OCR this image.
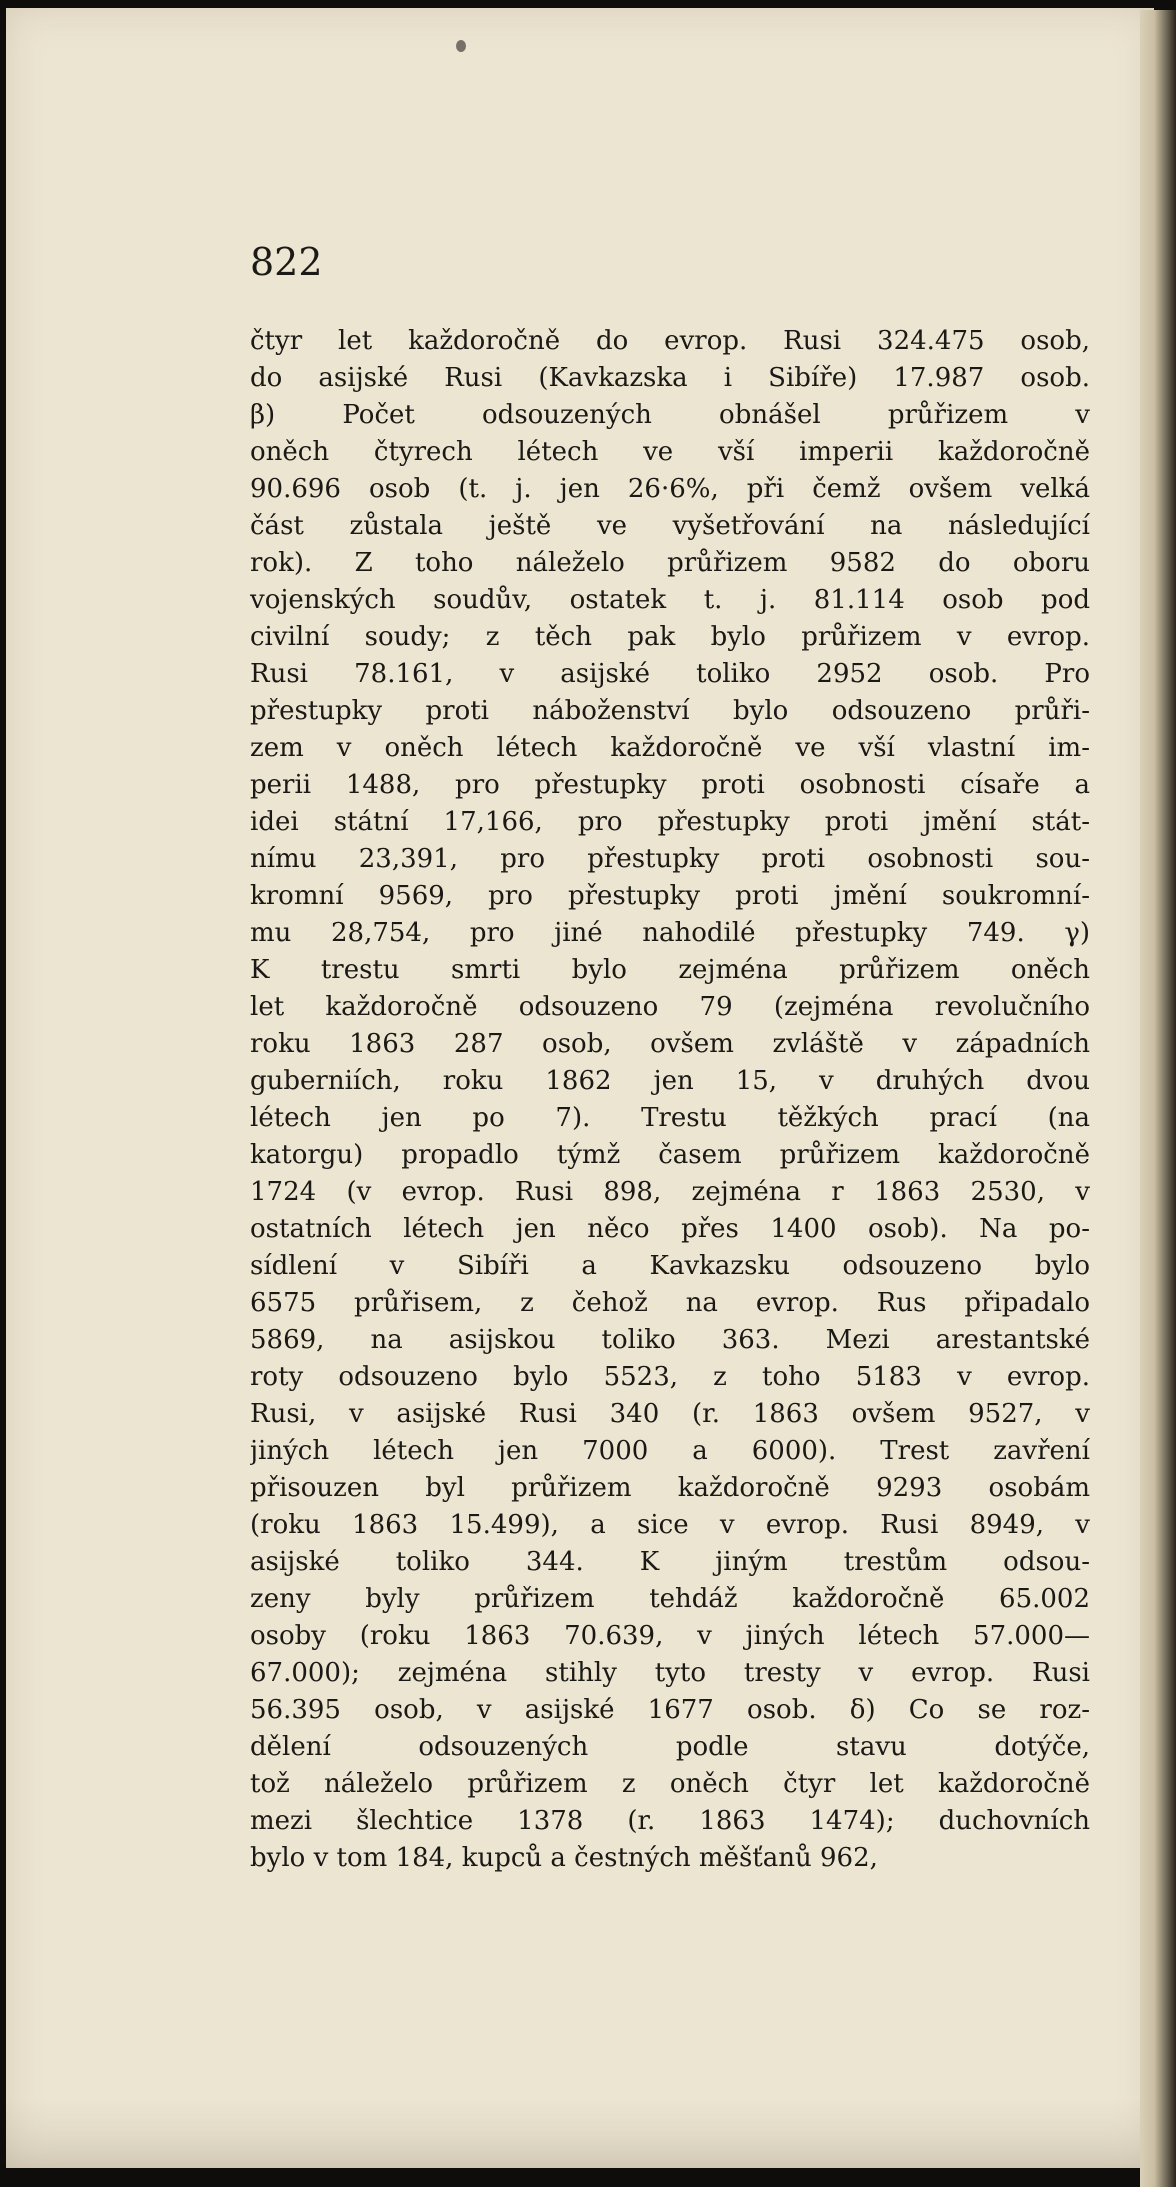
822
čtyr let každoročně do evrop. Rusi 324.475 osob,
do asijské Rusi (Kavkazska i Sibíře) 17.987 osob.
β) Počet odsouzených obnášel průřizem v
oněch čtyrech létech ve vší imperii každoročně
90.696 osob (t. j. jen 26·6%, při čemž ovšem velká
část zůstala ještě ve vyšetřování na následující
rok). Z toho náleželo průřizem 9582 do oboru
vojenských soudův, ostatek t. j. 81.114 osob pod
civilní soudy; z těch pak bylo průřizem v evrop.
Rusi 78.161, v asijské toliko 2952 osob. Pro
přestupky proti náboženství bylo odsouzeno průři-
zem v oněch létech každoročně ve vší vlastní im-
perii 1488, pro přestupky proti osobnosti císaře a
idei státní 17,166, pro přestupky proti jmění stát-
nímu 23,391, pro přestupky proti osobnosti sou-
kromní 9569, pro přestupky proti jmění soukromní-
mu 28,754, pro jiné nahodilé přestupky 749. γ)
K trestu smrti bylo zejména průřizem oněch
let každoročně odsouzeno 79 (zejména revolučního
roku 1863 287 osob, ovšem zvláště v západních
guberniích, roku 1862 jen 15, v druhých dvou
létech jen po 7). Trestu těžkých prací (na
katorgu) propadlo týmž časem průřizem každoročně
1724 (v evrop. Rusi 898, zejména r 1863 2530, v
ostatních létech jen něco přes 1400 osob). Na po-
sídlení v Sibíři a Kavkazsku odsouzeno bylo
6575 průřisem, z čehož na evrop. Rus připadalo
5869, na asijskou toliko 363. Mezi arestantské
roty odsouzeno bylo 5523, z toho 5183 v evrop.
Rusi, v asijské Rusi 340 (r. 1863 ovšem 9527, v
jiných létech jen 7000 a 6000). Trest zavření
přisouzen byl průřizem každoročně 9293 osobám
(roku 1863 15.499), a sice v evrop. Rusi 8949, v
asijské toliko 344. K jiným trestům odsou-
zeny byly průřizem tehdáž každoročně 65.002
osoby (roku 1863 70.639, v jiných létech 57.000—
67.000); zejména stihly tyto tresty v evrop. Rusi
56.395 osob, v asijské 1677 osob. δ) Co se roz-
dělení odsouzených podle stavu dotýče,
tož náleželo průřizem z oněch čtyr let každoročně
mezi šlechtice 1378 (r. 1863 1474); duchovních
bylo v tom 184, kupců a čestných měšťanů 962,
